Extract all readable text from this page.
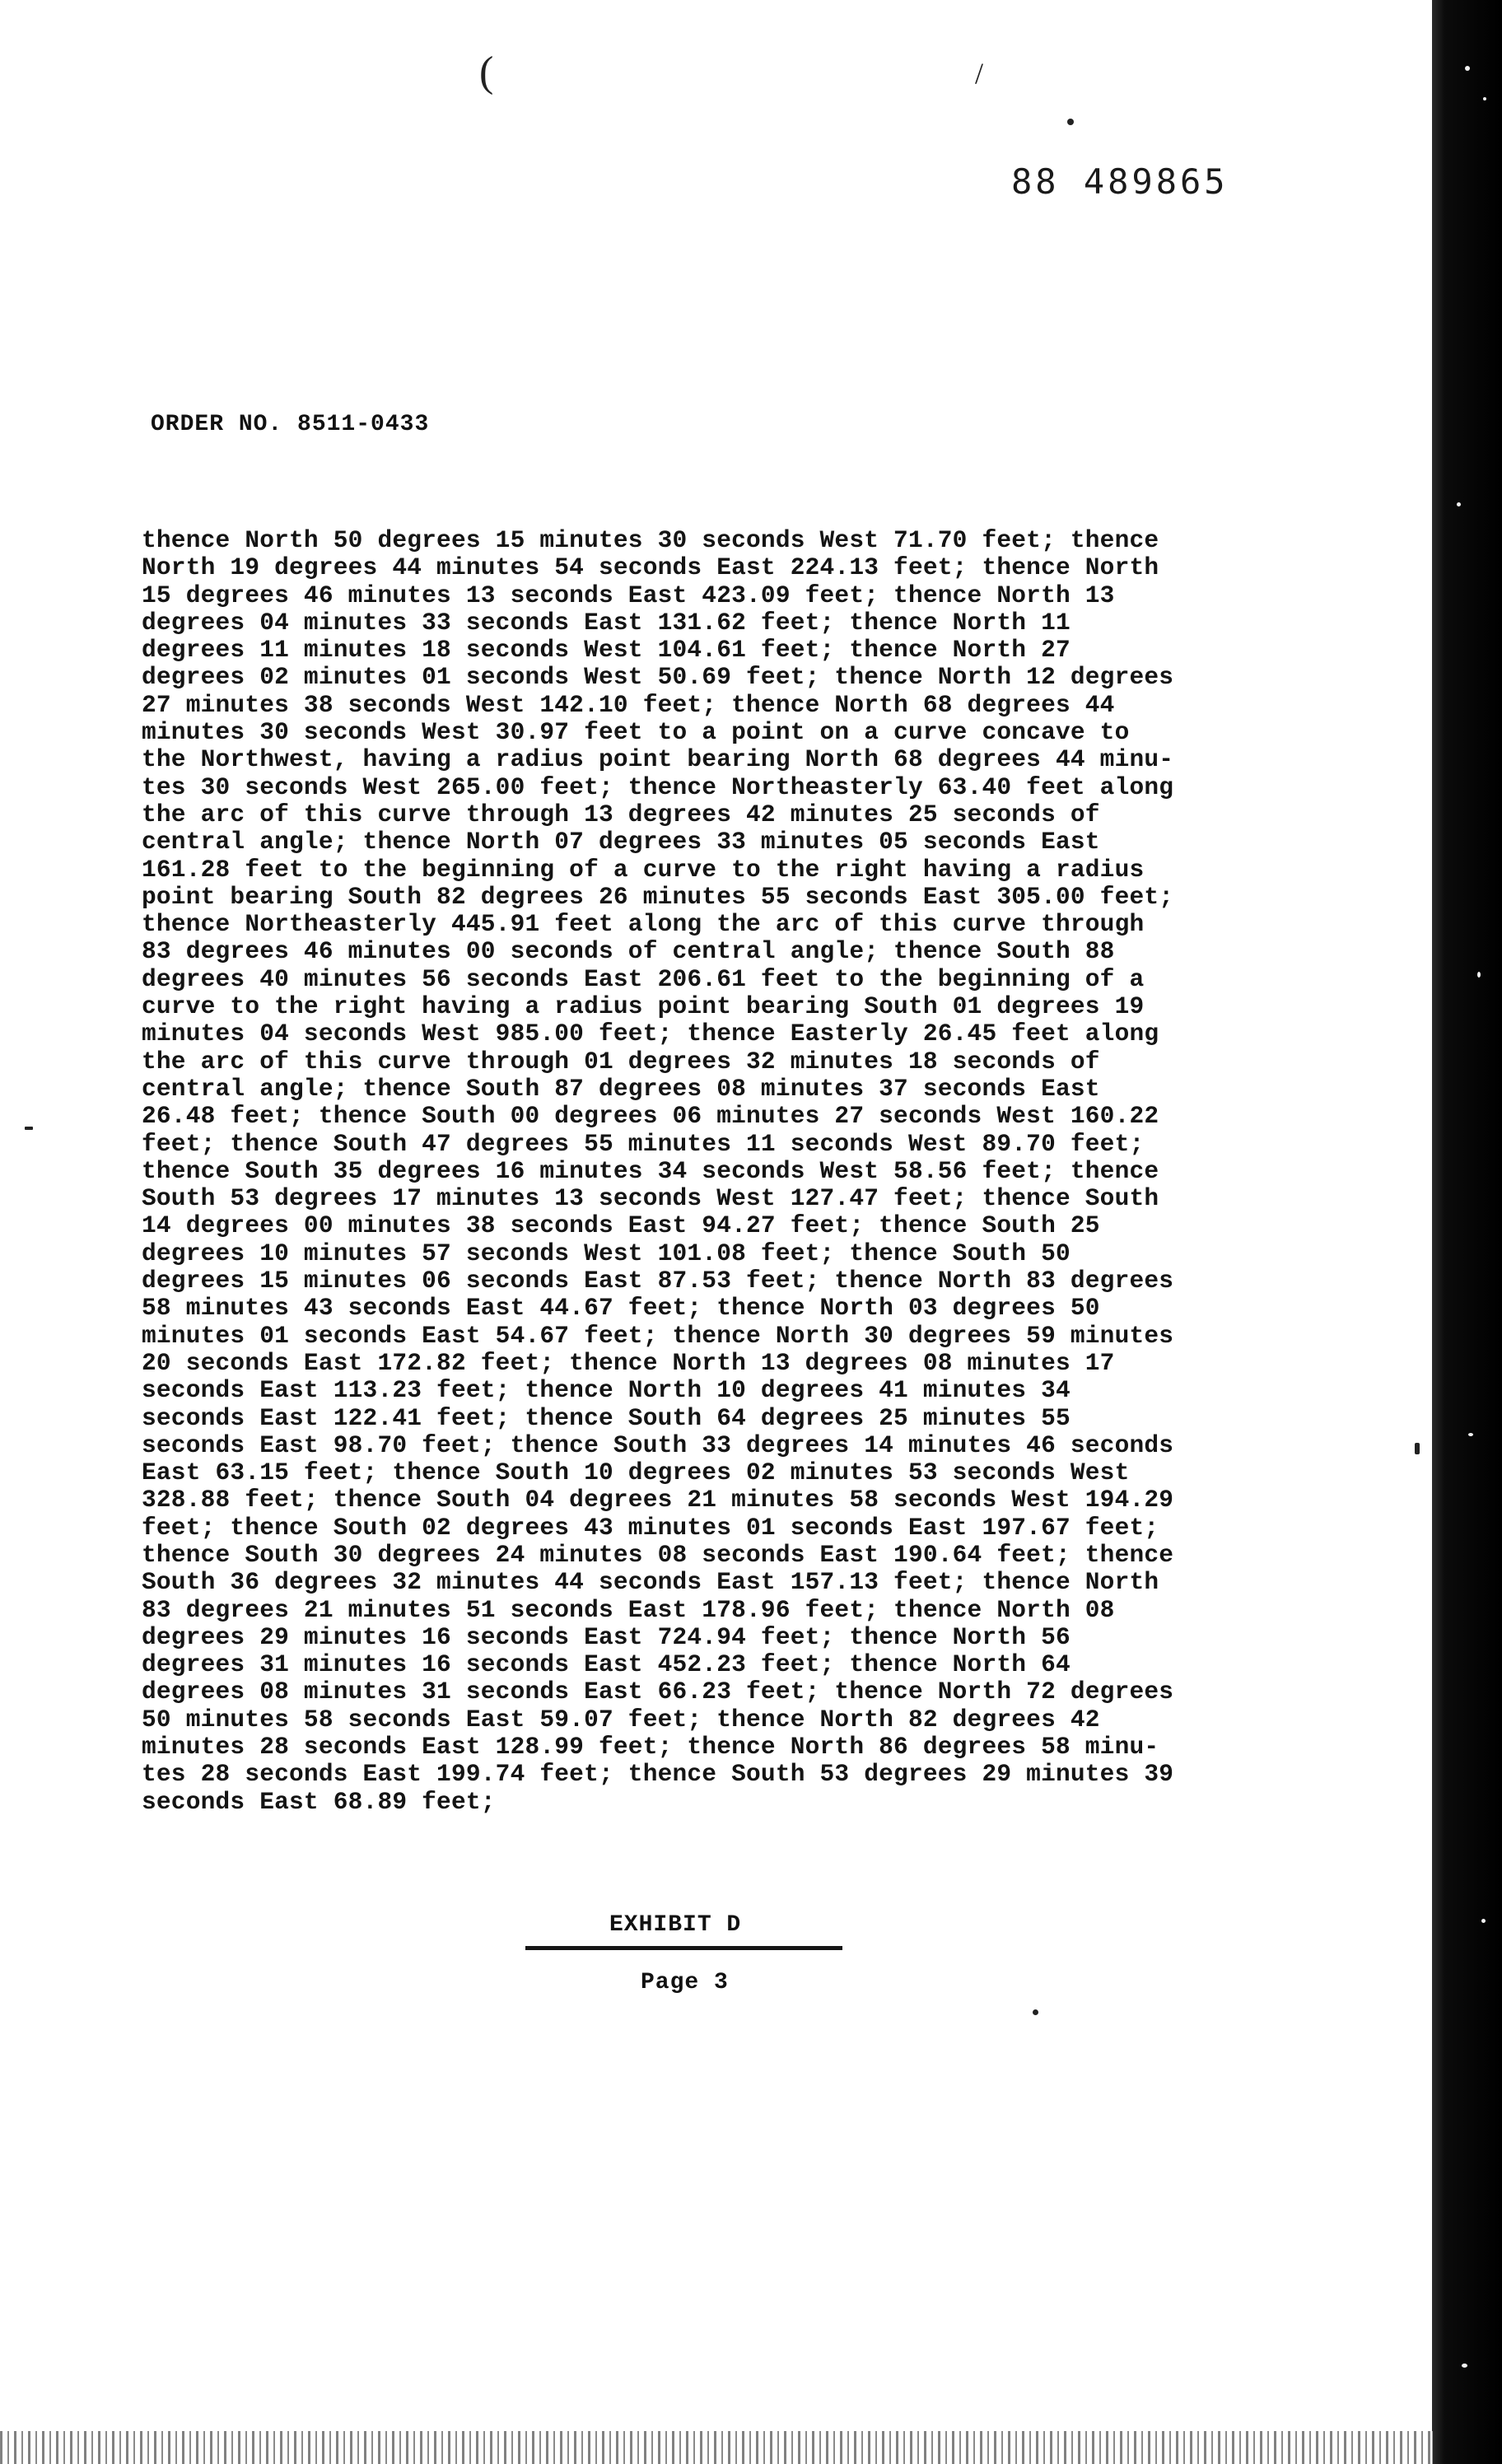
(	/
88 489865
ORDER NO. 8511-0433
thence North 50 degrees 15 minutes 30 seconds West 71.70 feet; thence
North 19 degrees 44 minutes 54 seconds East 224.13 feet; thence North
15 degrees 46 minutes 13 seconds East 423.09 feet; thence North 13
degrees 04 minutes 33 seconds East 131.62 feet; thence North 11
degrees 11 minutes 18 seconds West 104.61 feet; thence North 27
degrees 02 minutes 01 seconds West 50.69 feet; thence North 12 degrees
27 minutes 38 seconds West 142.10 feet; thence North 68 degrees 44
minutes 30 seconds West 30.97 feet to a point on a curve concave to
the Northwest, having a radius point bearing North 68 degrees 44 minu-
tes 30 seconds West 265.00 feet; thence Northeasterly 63.40 feet along
the arc of this curve through 13 degrees 42 minutes 25 seconds of
central angle; thence North 07 degrees 33 minutes 05 seconds East
161.28 feet to the beginning of a curve to the right having a radius
point bearing South 82 degrees 26 minutes 55 seconds East 305.00 feet;
thence Northeasterly 445.91 feet along the arc of this curve through
83 degrees 46 minutes 00 seconds of central angle; thence South 88
degrees 40 minutes 56 seconds East 206.61 feet to the beginning of a
curve to the right having a radius point bearing South 01 degrees 19
minutes 04 seconds West 985.00 feet; thence Easterly 26.45 feet along
the arc of this curve through 01 degrees 32 minutes 18 seconds of
central angle; thence South 87 degrees 08 minutes 37 seconds East
26.48 feet; thence South 00 degrees 06 minutes 27 seconds West 160.22
feet; thence South 47 degrees 55 minutes 11 seconds West 89.70 feet;
thence South 35 degrees 16 minutes 34 seconds West 58.56 feet; thence
South 53 degrees 17 minutes 13 seconds West 127.47 feet; thence South
14 degrees 00 minutes 38 seconds East 94.27 feet; thence South 25
degrees 10 minutes 57 seconds West 101.08 feet; thence South 50
degrees 15 minutes 06 seconds East 87.53 feet; thence North 83 degrees
58 minutes 43 seconds East 44.67 feet; thence North 03 degrees 50
minutes 01 seconds East 54.67 feet; thence North 30 degrees 59 minutes
20 seconds East 172.82 feet; thence North 13 degrees 08 minutes 17
seconds East 113.23 feet; thence North 10 degrees 41 minutes 34
seconds East 122.41 feet; thence South 64 degrees 25 minutes 55
seconds East 98.70 feet; thence South 33 degrees 14 minutes 46 seconds
East 63.15 feet; thence South 10 degrees 02 minutes 53 seconds West
328.88 feet; thence South 04 degrees 21 minutes 58 seconds West 194.29
feet; thence South 02 degrees 43 minutes 01 seconds East 197.67 feet;
thence South 30 degrees 24 minutes 08 seconds East 190.64 feet; thence
South 36 degrees 32 minutes 44 seconds East 157.13 feet; thence North
83 degrees 21 minutes 51 seconds East 178.96 feet; thence North 08
degrees 29 minutes 16 seconds East 724.94 feet; thence North 56
degrees 31 minutes 16 seconds East 452.23 feet; thence North 64
degrees 08 minutes 31 seconds East 66.23 feet; thence North 72 degrees
50 minutes 58 seconds East 59.07 feet; thence North 82 degrees 42
minutes 28 seconds East 128.99 feet; thence North 86 degrees 58 minu-
tes 28 seconds East 199.74 feet; thence South 53 degrees 29 minutes 39
seconds East 68.89 feet;
EXHIBIT D
Page 3
